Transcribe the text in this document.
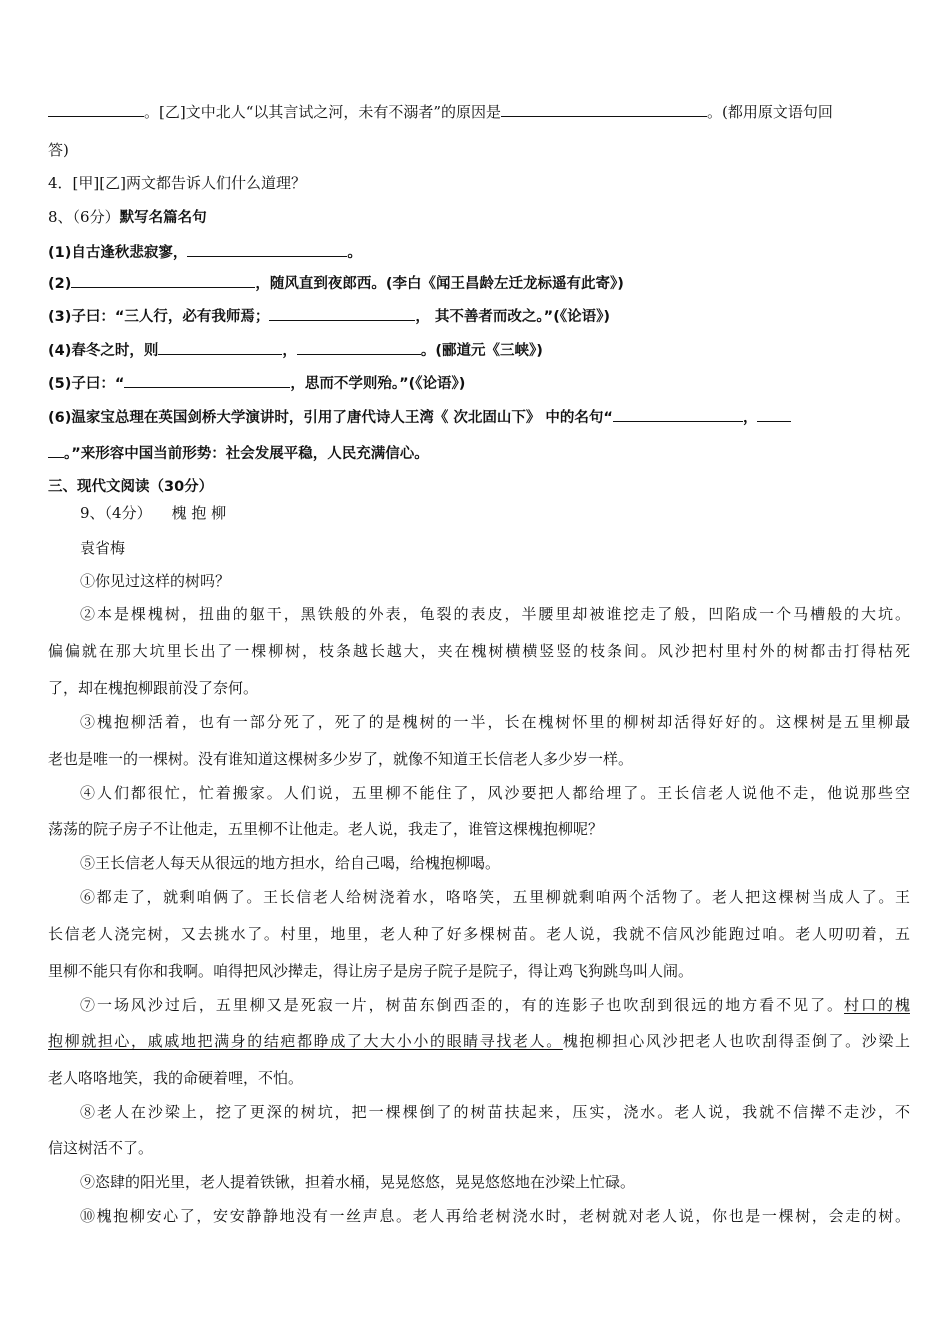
。[乙]文中北人“以其言试之河，未有不溺者”的原因是	。(都用原文语句回
答)
4．[甲][乙]两文都告诉人们什么道理？
8、（6分）默写名篇名句
(1)自古逢秋悲寂寥，	。
(2)	，随风直到夜郎西。(李白《闻王昌龄左迁龙标遥有此寄》)
(3)子曰：“三人行，必有我师焉；	， 其不善者而改之。”(《论语》)
(4)春冬之时，则	，	。(郦道元《三峡》)
(5)子曰：“	，思而不学则殆。”(《论语》)
(6)温家宝总理在英国剑桥大学演讲时，引用了唐代诗人王湾《 次北固山下》 中的名句“	，
。”来形容中国当前形势：社会发展平稳，人民充满信心。
三、现代文阅读（30分）
9、（4分） 槐 抱 柳
袁省梅
①你见过这样的树吗？
②本是棵槐树，扭曲的躯干，黑铁般的外表，龟裂的表皮，半腰里却被谁挖走了般，凹陷成一个马槽般的大坑。
偏偏就在那大坑里长出了一棵柳树，枝条越长越大，夹在槐树横横竖竖的枝条间。风沙把村里村外的树都击打得枯死
了，却在槐抱柳跟前没了奈何。
③槐抱柳活着，也有一部分死了，死了的是槐树的一半，长在槐树怀里的柳树却活得好好的。这棵树是五里柳最
老也是唯一的一棵树。没有谁知道这棵树多少岁了，就像不知道王长信老人多少岁一样。
④人们都很忙，忙着搬家。人们说，五里柳不能住了，风沙要把人都给埋了。王长信老人说他不走，他说那些空
荡荡的院子房子不让他走，五里柳不让他走。老人说，我走了，谁管这棵槐抱柳呢？
⑤王长信老人每天从很远的地方担水，给自己喝，给槐抱柳喝。
⑥都走了，就剩咱俩了。王长信老人给树浇着水，咯咯笑，五里柳就剩咱两个活物了。老人把这棵树当成人了。王
长信老人浇完树，又去挑水了。村里，地里，老人种了好多棵树苗。老人说，我就不信风沙能跑过咱。老人叨叨着，五
里柳不能只有你和我啊。咱得把风沙撵走，得让房子是房子院子是院子，得让鸡飞狗跳鸟叫人闹。
⑦一场风沙过后，五里柳又是死寂一片，树苗东倒西歪的，有的连影子也吹刮到很远的地方看不见了。村口的槐
抱柳就担心，戚戚地把满身的结疤都睁成了大大小小的眼睛寻找老人。槐抱柳担心风沙把老人也吹刮得歪倒了。沙梁上
老人咯咯地笑，我的命硬着哩，不怕。
⑧老人在沙梁上，挖了更深的树坑，把一棵棵倒了的树苗扶起来，压实，浇水。老人说，我就不信撵不走沙，不
信这树活不了。
⑨恣肆的阳光里，老人提着铁锹，担着水桶，晃晃悠悠，晃晃悠悠地在沙梁上忙碌。
⑩槐抱柳安心了，安安静静地没有一丝声息。老人再给老树浇水时，老树就对老人说，你也是一棵树，会走的树。
